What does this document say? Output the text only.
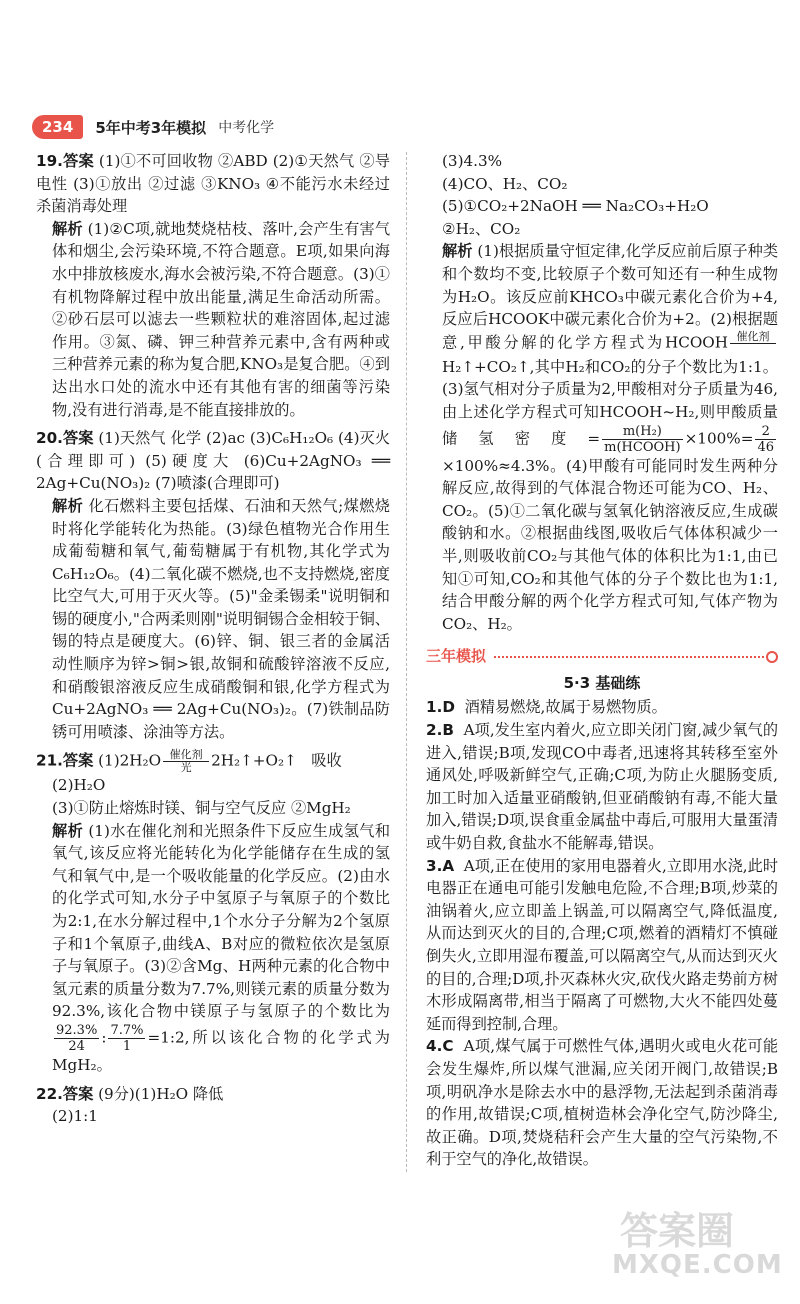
234	5年中考3年模拟 中考化学

19.答案 (1)①不可回收物 ②ABD (2)①天然气 ②导电性 (3)①放出 ②过滤 ③KNO₃ ④不能污水未经过杀菌消毒处理

解析 (1)②C项,就地焚烧枯枝、落叶,会产生有害气体和烟尘,会污染环境,不符合题意。E项,如果向海水中排放核废水,海水会被污染,不符合题意。(3)①有机物降解过程中放出能量,满足生命活动所需。②砂石层可以滤去一些颗粒状的难溶固体,起过滤作用。③氮、磷、钾三种营养元素中,含有两种或三种营养元素的称为复合肥,KNO₃是复合肥。④到达出水口处的流水中还有其他有害的细菌等污染物,没有进行消毒,是不能直接排放的。

20.答案 (1)天然气 化学 (2)ac (3)C₆H₁₂O₆ (4)灭火(合理即可) (5)硬度大 (6)Cu+2AgNO₃ ══ 2Ag+Cu(NO₃)₂ (7)喷漆(合理即可)

解析 化石燃料主要包括煤、石油和天然气;煤燃烧时将化学能转化为热能。(3)绿色植物光合作用生成葡萄糖和氧气,葡萄糖属于有机物,其化学式为C₆H₁₂O₆。(4)二氧化碳不燃烧,也不支持燃烧,密度比空气大,可用于灭火等。(5)"金柔锡柔"说明铜和锡的硬度小,"合两柔则刚"说明铜锡合金相较于铜、锡的特点是硬度大。(6)锌、铜、银三者的金属活动性顺序为锌>铜>银,故铜和硫酸锌溶液不反应,和硝酸银溶液反应生成硝酸铜和银,化学方程式为Cu+2AgNO₃ ══ 2Ag+Cu(NO₃)₂。(7)铁制品防锈可用喷漆、涂油等方法。

21.答案 (1)2H₂O 催化剂
光	2H₂↑+O₂↑ 吸收

(2)H₂O

(3)①防止熔炼时镁、铜与空气反应 ②MgH₂

解析 (1)水在催化剂和光照条件下反应生成氢气和氧气,该反应将光能转化为化学能储存在生成的氢气和氧气中,是一个吸收能量的化学反应。(2)由水的化学式可知,水分子中氢原子与氧原子的个数比为2:1,在水分解过程中,1个水分子分解为2个氢原子和1个氧原子,曲线A、B对应的微粒依次是氢原子与氧原子。(3)②含Mg、H两种元素的化合物中氢元素的质量分数为7.7%,则镁元素的质量分数为92.3%,该化合物中镁原子与氢原子的个数比为
$\frac{92.3\%}{24}$ : $\frac{7.7\%}{1}$ =1:2,所以该化合物的化学式为MgH₂。

22.答案 (9分)(1)H₂O 降低

(2)1:1

(3)4.3%

(4)CO、H₂、CO₂

(5)①CO₂+2NaOH ══ Na₂CO₃+H₂O

②H₂、CO₂

解析 (1)根据质量守恒定律,化学反应前后原子种类和个数均不变,比较原子个数可知还有一种生成物为H₂O。该反应前KHCO₃中碳元素化合价为+4,反应后HCOOK中碳元素化合价为+2。(2)根据题意,甲酸分解的化学方程式为HCOOH 催化剂
H₂↑+CO₂↑,其中H₂和CO₂的分子个数比为1:1。(3)氢气相对分子质量为2,甲酸相对分子质量为46,由上述化学方程式可知HCOOH~H₂,则甲酸质量储氢密度= $\frac{\text{m(H₂)}}{\text{m(HCOOH)}} \times 100\%= \frac{2}{46}$
×100%≈4.3%。(4)甲酸有可能同时发生两种分解反应,故得到的气体混合物还可能为CO、H₂、CO₂。(5)①二氧化碳与氢氧化钠溶液反应,生成碳酸钠和水。②根据曲线图,吸收后气体体积减少一半,则吸收前CO₂与其他气体的体积比为1:1,由已知①可知,CO₂和其他气体的分子个数比也为1:1,结合甲酸分解的两个化学方程式可知,气体产物为CO₂、H₂。

三年模拟
5·3 基础练

1.D 酒精易燃烧,故属于易燃物质。

2.B A项,发生室内着火,应立即关闭门窗,减少氧气的进入,错误;B项,发现CO中毒者,迅速将其转移至室外通风处,呼吸新鲜空气,正确;C项,为防止火腿肠变质,加工时加入适量亚硝酸钠,但亚硝酸钠有毒,不能大量加入,错误;D项,误食重金属盐中毒后,可服用大量蛋清或牛奶自救,食盐水不能解毒,错误。

3.A A项,正在使用的家用电器着火,立即用水浇,此时电器正在通电可能引发触电危险,不合理;B项,炒菜的油锅着火,应立即盖上锅盖,可以隔离空气,降低温度,从而达到灭火的目的,合理;C项,燃着的酒精灯不慎碰倒失火,立即用湿布覆盖,可以隔离空气,从而达到灭火的目的,合理;D项,扑灭森林火灾,砍伐火路走势前方树木形成隔离带,相当于隔离了可燃物,大火不能四处蔓延而得到控制,合理。

4.C A项,煤气属于可燃性气体,遇明火或电火花可能会发生爆炸,所以煤气泄漏,应关闭开阀门,故错误;B项,明矾净水是除去水中的悬浮物,无法起到杀菌消毒的作用,故错误;C项,植树造林会净化空气,防沙降尘,故正确。D项,焚烧秸秆会产生大量的空气污染物,不利于空气的净化,故错误。

答案圈
MXQE.COM
